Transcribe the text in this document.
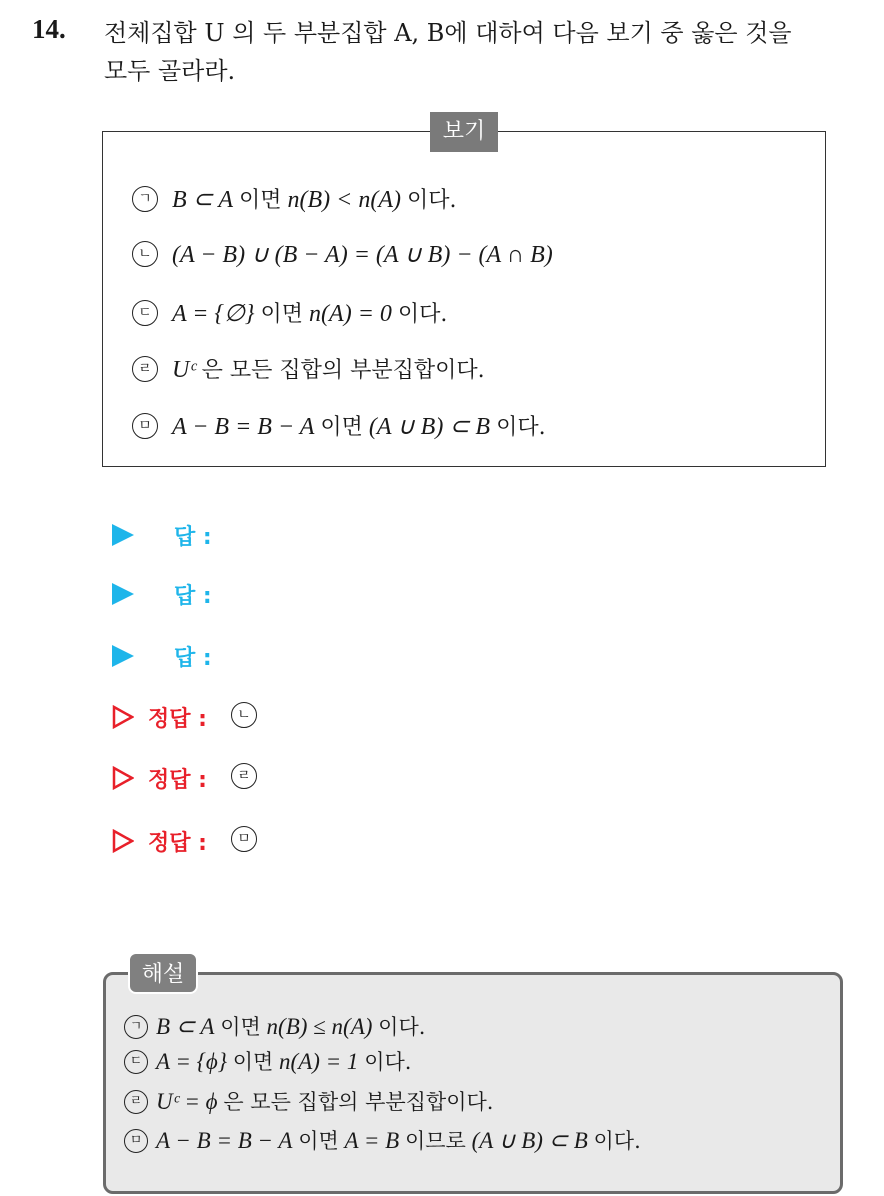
14. 전체집합 U 의 두 부분집합 A, B에 대하여 다음 보기 중 옳은 것을
모두 골라라.
보기
ㄱ B ⊂ A 이면 n(B) < n(A) 이다.
ㄴ (A − B) ∪ (B − A) = (A ∪ B) − (A ∩ B)
ㄷ A = {∅} 이면 n(A) = 0 이다.
ㄹ Uᶜ 은 모든 집합의 부분집합이다.
ㅁ A − B = B − A 이면 (A ∪ B) ⊂ B 이다.
답 :
답 :
답 :
정답 :	ㄴ
정답 :	ㄹ
정답 :	ㅁ
해설
ㄱ B ⊂ A 이면 n(B) ≤ n(A) 이다.
ㄷ A = {ϕ} 이면 n(A) = 1 이다.
ㄹ Uᶜ = ϕ 은 모든 집합의 부분집합이다.
ㅁ A − B = B − A 이면 A = B 이므로 (A ∪ B) ⊂ B 이다.
